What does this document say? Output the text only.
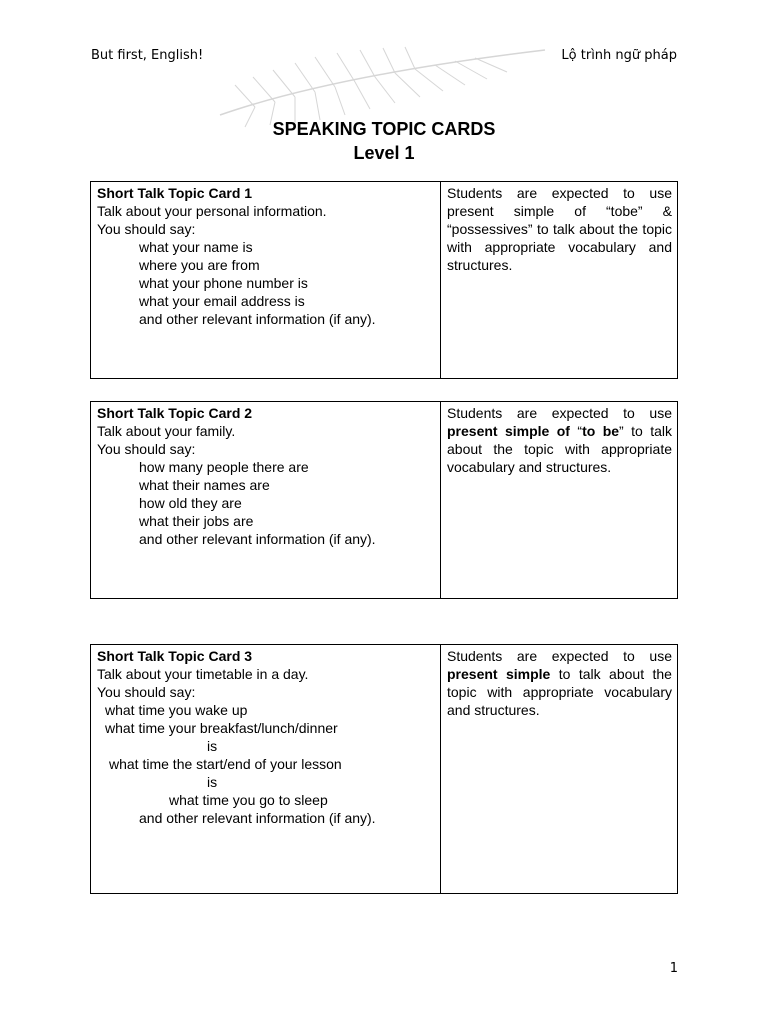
But first, English!	Lộ trình ngữ pháp
SPEAKING TOPIC CARDS
Level 1
Short Talk Topic Card 1
Talk about your personal information.
You should say:
what your name is
where you are from
what your phone number is
what your email address is
and other relevant information (if any).
	Students are expected to use present simple of “tobe” & “possessives” to talk about the topic with appropriate vocabulary and structures.
Short Talk Topic Card 2
Talk about your family.
You should say:
how many people there are
what their names are
how old they are
what their jobs are
and other relevant information (if any).
	Students are expected to use present simple of “to be” to talk about the topic with appropriate vocabulary and structures.
Short Talk Topic Card 3
Talk about your timetable in a day.
You should say:
what time you wake up
what time your breakfast/lunch/dinner
is
what time the start/end of your lesson
is
what time you go to sleep
and other relevant information (if any).
	Students are expected to use present simple to talk about the topic with appropriate vocabulary and structures.
1
